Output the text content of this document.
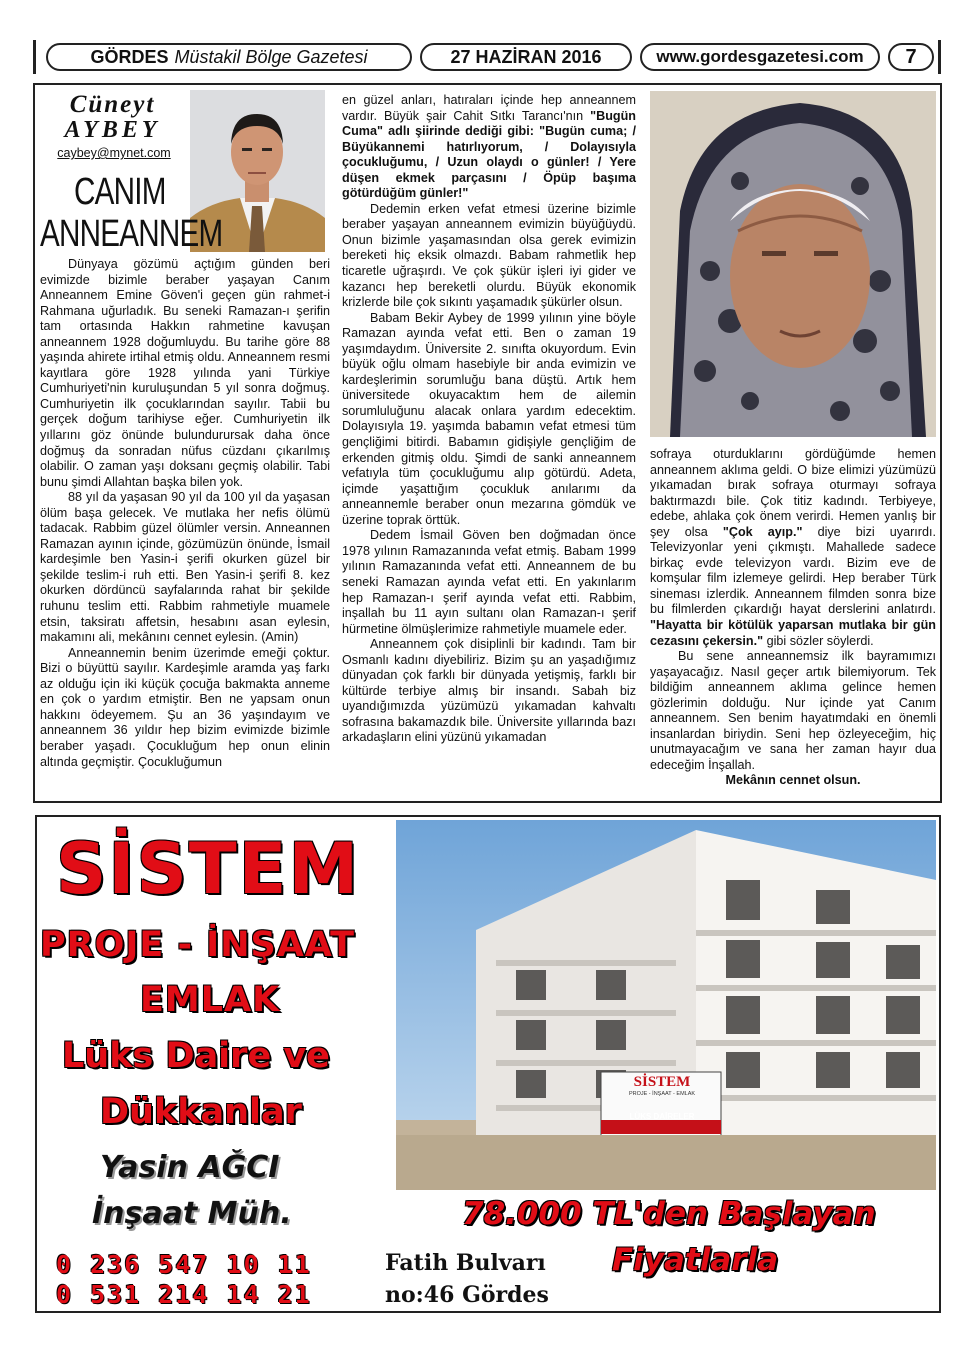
GÖRDES Müstakil Bölge Gazetesi	27 HAZİRAN 2016	www.gordesgazetesi.com 7
Cüneyt
AYBEY
caybey@mynet.com
CANIM
ANNEANNEM

Dünyaya gözümü açtığım günden beri evimizde bizimle beraber yaşayan Canım Anneannem Emine Göven'i geçen gün rahmet-i Rahmana uğurladık. Bu seneki Ramazan-ı şerifin tam ortasında Hakkın rahmetine kavuşan anneannem 1928 doğumluydu. Bu tarihe göre 88 yaşında ahirete irtihal etmiş oldu. Anneannem resmi kayıtlara göre 1928 yılında yani Türkiye Cumhuriyeti'nin kuruluşundan 5 yıl sonra doğmuş. Cumhuriyetin ilk çocuklarından sayılır. Tabii bu gerçek doğum tarihiyse eğer. Cumhuriyetin ilk yıllarını göz önünde bulundurursak daha önce doğmuş da sonradan nüfus cüzdanı çıkarılmış olabilir. O zaman yaşı doksanı geçmiş olabilir. Tabi bunu şimdi Allahtan başka bilen yok.

88 yıl da yaşasan 90 yıl da 100 yıl da yaşasan ölüm başa gelecek. Ve mutlaka her nefis ölümü tadacak. Rabbim güzel ölümler versin. Anneannen Ramazan ayının içinde, gözümüzün önünde, İsmail kardeşimle ben Yasin-i şerifi okurken güzel bir şekilde teslim-i ruh etti. Ben Yasin-i şerifi 8. kez okurken dördüncü sayfalarında rahat bir şekilde ruhunu teslim etti. Rabbim rahmetiyle muamele etsin, taksiratı affetsin, hesabını asan eylesin, makamını ali, mekânını cennet eylesin. (Amin)

Anneannemin benim üzerimde emeği çoktur. Bizi o büyüttü sayılır. Kardeşimle aramda yaş farkı az olduğu için iki küçük çocuğa bakmakta anneme en çok o yardım etmiştir. Ben ne yapsam onun hakkını ödeyemem. Şu an 36 yaşındayım ve anneannem 36 yıldır hep bizim evimizde bizimle beraber yaşadı. Çocukluğum hep onun elinin altında geçmiştir. Çocukluğumun

en güzel anları, hatıraları içinde hep anneannem vardır. Büyük şair Cahit Sıtkı Tarancı'nın "Bugün Cuma" adlı şiirinde dediği gibi: "Bugün cuma; / Büyükannemi hatırlıyorum, / Dolayısıyla çocukluğumu, / Uzun olaydı o günler! / Yere düşen ekmek parçasını / Öpüp başıma götürdüğüm günler!"

Dedemin erken vefat etmesi üzerine bizimle beraber yaşayan anneannem evimizin büyüğüydü. Onun bizimle yaşamasından olsa gerek evimizin bereketi hiç eksik olmazdı. Babam rahmetlik hep ticaretle uğraşırdı. Ve çok şükür işleri iyi gider ve kazancı hep bereketli olurdu. Büyük ekonomik krizlerde bile çok sıkıntı yaşamadık şükürler olsun.

Babam Bekir Aybey de 1999 yılının yine böyle Ramazan ayında vefat etti. Ben o zaman 19 yaşımdaydım. Üniversite 2. sınıfta okuyordum. Evin büyük oğlu olmam hasebiyle bir anda evimizin ve kardeşlerimin sorumluğu bana düştü. Artık hem üniversitede okuyacaktım hem de ailemin sorumluluğunu alacak onlara yardım edecektim. Dolayısıyla 19. yaşımda babamın vefat etmesi tüm gençliğimi bitirdi. Babamın gidişiyle gençliğim de erkenden gitmiş oldu. Şimdi de sanki anneannem vefatıyla tüm çocukluğumu alıp götürdü. Adeta, içimde yaşattığım çocukluk anılarımı da anneannemle beraber onun mezarına gömdük ve üzerine toprak örttük.

Dedem İsmail Göven ben doğmadan önce 1978 yılının Ramazanında vefat etmiş. Babam 1999 yılının Ramazanında vefat etti. Anneannem de bu seneki Ramazan ayında vefat etti. En yakınlarım hep Ramazan-ı şerif ayında vefat etti. Rabbim, inşallah bu 11 ayın sultanı olan Ramazan-ı şerif hürmetine ölmüşlerimize rahmetiyle muamele eder.

Anneannem çok disiplinli bir kadındı. Tam bir Osmanlı kadını diyebiliriz. Bizim şu an yaşadığımız dünyadan çok farklı bir dünyada yetişmiş, farklı bir kültürde terbiye almış bir insandı. Sabah biz uyandığımızda yüzümüzü yıkamadan kahvaltı sofrasına bakamazdık bile. Üniversite yıllarında bazı arkadaşların elini yüzünü yıkamadan

sofraya oturduklarını gördüğümde hemen anneannem aklıma geldi. O bize elimizi yüzümüzü yıkamadan bırak sofraya oturmayı sofraya baktırmazdı bile. Çok titiz kadındı. Terbiyeye, edebe, ahlaka çok önem verirdi. Hemen yanlış bir şey olsa "Çok ayıp." diye bizi uyarırdı. Televizyonlar yeni çıkmıştı. Mahallede sadece birkaç evde televizyon vardı. Bizim eve de komşular film izlemeye gelirdi. Hep beraber Türk sineması izlerdik. Anneannem filmden sonra bize bu filmlerden çıkardığı hayat derslerini anlatırdı. "Hayatta bir kötülük yaparsan mutlaka bir gün cezasını çekersin." gibi sözler söylerdi.

Bu sene anneannemsiz ilk bayramımızı yaşayacağız. Nasıl geçer artık bilemiyorum. Tek bildiğim anneannem aklıma gelince hemen gözlerimin dolduğu. Nur içinde yat Canım anneannem. Sen benim hayatımdaki en önemli insanlardan biriydin. Seni hep özleyeceğim, hiç unutmayacağım ve sana her zaman hayır dua edeceğim İnşallah.

Mekânın cennet olsun.

SİSTEM
PROJE - İNŞAAT - EMLAK
LÜKS DAİRELER
SİSTEM
PROJE - İNŞAAT
EMLAK
Lüks Daire ve
Dükkanlar
Yasin AĞCI
İnşaat Müh.
0 236 547 10 11
0 531 214 14 21
Fatih Bulvarı
no:46 Gördes
78.000 TL'den Başlayan
Fiyatlarla
